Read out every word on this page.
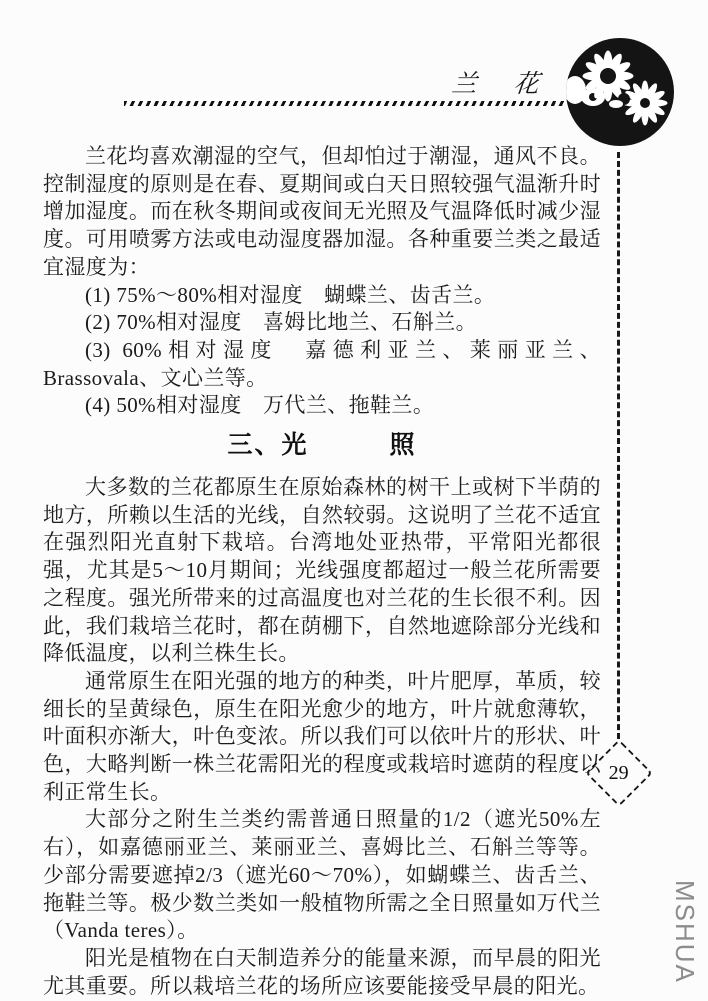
兰　花
29
MSHUA

兰花均喜欢潮湿的空气，但却怕过于潮湿，通风不良。控制湿度的原则是在春、夏期间或白天日照较强气温渐升时增加湿度。而在秋冬期间或夜间无光照及气温降低时减少湿度。可用喷雾方法或电动湿度器加湿。各种重要兰类之最适宜湿度为：

(1) 75%～80%相对湿度　蝴蝶兰、齿舌兰。

(2) 70%相对湿度　喜姆比地兰、石斛兰。

(3) 60%相对湿度　嘉德利亚兰、莱丽亚兰、Brassovala、文心兰等。

(4) 50%相对湿度　万代兰、拖鞋兰。

三、光　　　照

大多数的兰花都原生在原始森林的树干上或树下半荫的地方，所赖以生活的光线，自然较弱。这说明了兰花不适宜在强烈阳光直射下栽培。台湾地处亚热带，平常阳光都很强，尤其是5～10月期间；光线强度都超过一般兰花所需要之程度。强光所带来的过高温度也对兰花的生长很不利。因此，我们栽培兰花时，都在荫棚下，自然地遮除部分光线和降低温度，以利兰株生长。

通常原生在阳光强的地方的种类，叶片肥厚，革质，较细长的呈黄绿色，原生在阳光愈少的地方，叶片就愈薄软，叶面积亦渐大，叶色变浓。所以我们可以依叶片的形状、叶色，大略判断一株兰花需阳光的程度或栽培时遮荫的程度以利正常生长。

大部分之附生兰类约需普通日照量的1/2（遮光50%左右），如嘉德丽亚兰、莱丽亚兰、喜姆比兰、石斛兰等等。少部分需要遮掉2/3（遮光60～70%），如蝴蝶兰、齿舌兰、拖鞋兰等。极少数兰类如一般植物所需之全日照量如万代兰（Vanda teres）。

阳光是植物在白天制造养分的能量来源，而早晨的阳光尤其重要。所以栽培兰花的场所应该要能接受早晨的阳光。
